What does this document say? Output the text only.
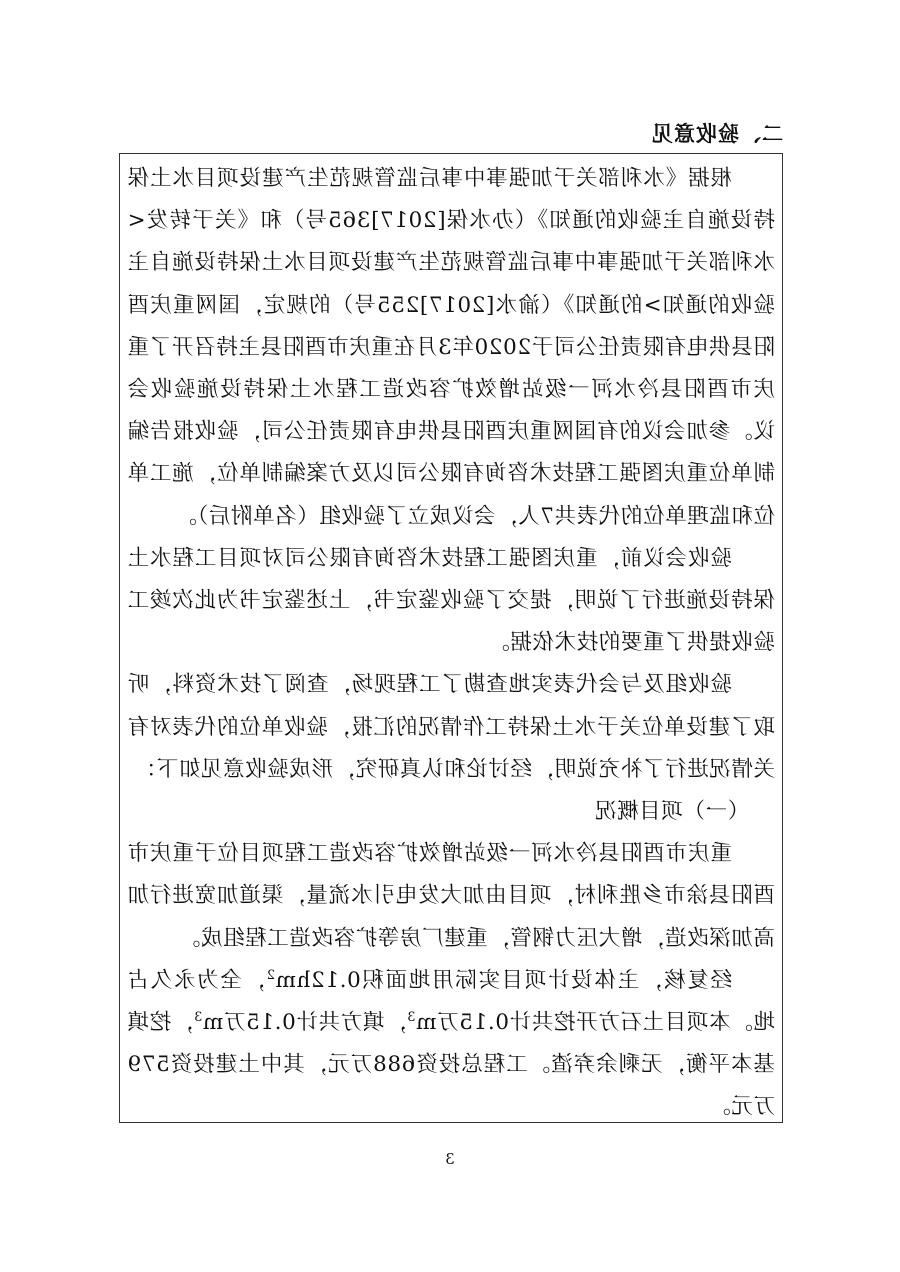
二、验收意见

根据《水利部关于加强事中事后监管规范生产建设项目水土保持设施自主验收的通知》（办水保[2017]365号）和《关于转发<水利部关于加强事中事后监管规范生产建设项目水土保持设施自主验收的通知>的通知》（渝水[2017]255号）的规定，国网重庆酉阳县供电有限责任公司于2020年3月在重庆市酉阳县主持召开了重庆市酉阳县冷水河一级站增效扩容改造工程水土保持设施验收会议。参加会议的有国网重庆酉阳县供电有限责任公司，验收报告编制单位重庆图强工程技术咨询有限公司以及方案编制单位，施工单位和监理单位的代表共7人，会议成立了验收组（名单附后）。

验收会议前，重庆图强工程技术咨询有限公司对项目工程水土保持设施进行了说明，提交了验收鉴定书，上述鉴定书为此次竣工验收提供了重要的技术依据。

验收组及与会代表实地查勘了工程现场，查阅了技术资料，听取了建设单位关于水土保持工作情况的汇报，验收单位的代表对有关情况进行了补充说明，经讨论和认真研究，形成验收意见如下：

（一）项目概况

重庆市酉阳县冷水河一级站增效扩容改造工程项目位于重庆市酉阳县涂市乡胜利村，项目由加大发电引水流量，渠道加宽进行加高加深改造，增大压力钢管，重建厂房等扩容改造工程组成。

经复核，主体设计项目实际用地面积$0.12hm^2$，全为永久占地。本项目土石方开挖共计0.15万$m^3$，填方共计0.15万$m^3$，挖填基本平衡，无剩余弃渣。工程总投资688万元，其中土建投资579万元。

3
